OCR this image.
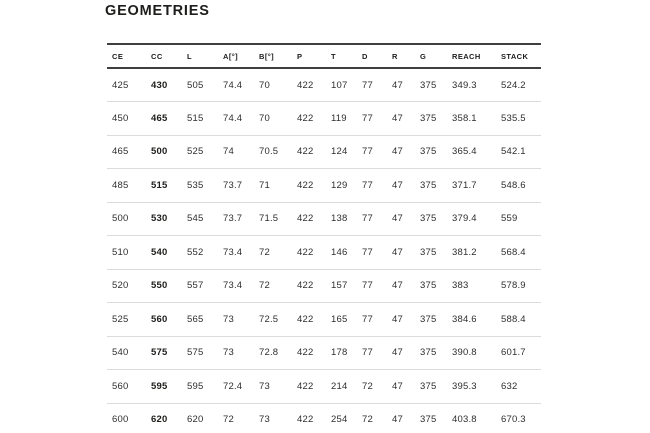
GEOMETRIES
CE	CC	L	A[°]	B[°]	P	T	D	R	G	REACH	STACK
425	430	505	74.4	70	422	107	77	47	375	349.3	524.2
450	465	515	74.4	70	422	119	77	47	375	358.1	535.5
465	500	525	74	70.5	422	124	77	47	375	365.4	542.1
485	515	535	73.7	71	422	129	77	47	375	371.7	548.6
500	530	545	73.7	71.5	422	138	77	47	375	379.4	559
510	540	552	73.4	72	422	146	77	47	375	381.2	568.4
520	550	557	73.4	72	422	157	77	47	375	383	578.9
525	560	565	73	72.5	422	165	77	47	375	384.6	588.4
540	575	575	73	72.8	422	178	77	47	375	390.8	601.7
560	595	595	72.4	73	422	214	72	47	375	395.3	632
600	620	620	72	73	422	254	72	47	375	403.8	670.3
